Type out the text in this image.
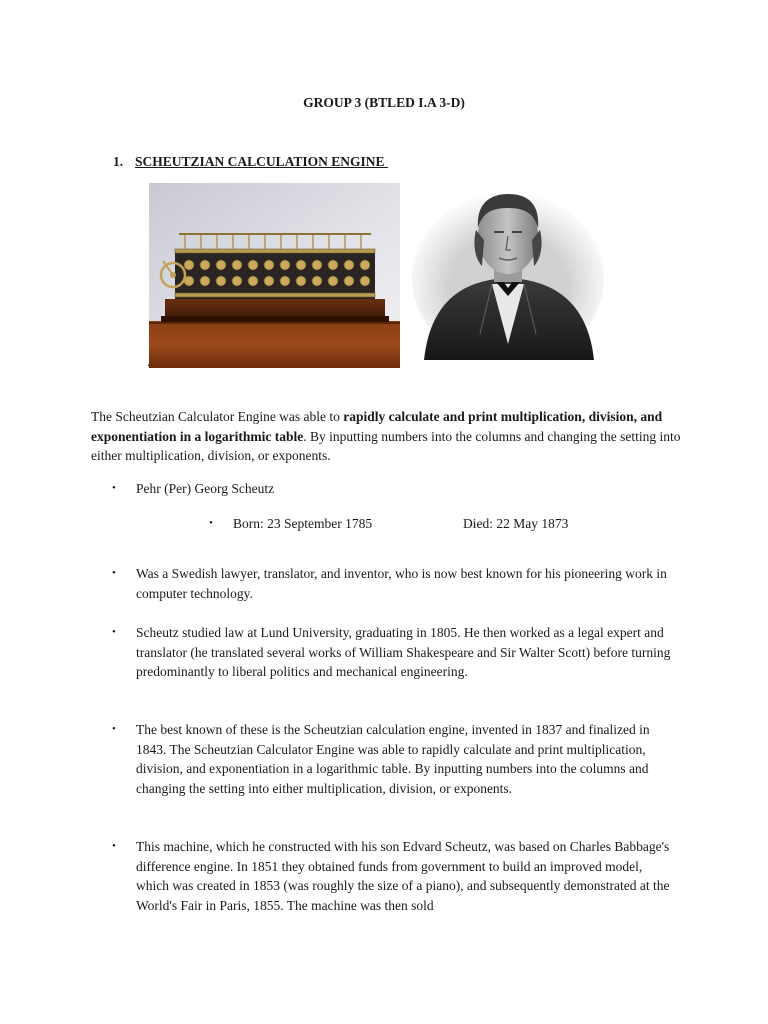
GROUP 3 (BTLED I.A 3-D)
1. SCHEUTZIAN CALCULATION ENGINE
.
The Scheutzian Calculator Engine was able to rapidly calculate and print multiplication, division, and exponentiation in a logarithmic table. By inputting numbers into the columns and changing the setting into either multiplication, division, or exponents.
• Pehr (Per) Georg Scheutz
• Born: 23 September 1785	Died: 22 May 1873
• Was a Swedish lawyer, translator, and inventor, who is now best known for his pioneering work in computer technology.
• Scheutz studied law at Lund University, graduating in 1805. He then worked as a legal expert and translator (he translated several works of William Shakespeare and Sir Walter Scott) before turning predominantly to liberal politics and mechanical engineering.
• The best known of these is the Scheutzian calculation engine, invented in 1837 and finalized in 1843. The Scheutzian Calculator Engine was able to rapidly calculate and print multiplication, division, and exponentiation in a logarithmic table. By inputting numbers into the columns and changing the setting into either multiplication, division, or exponents.
• This machine, which he constructed with his son Edvard Scheutz, was based on Charles Babbage's difference engine. In 1851 they obtained funds from government to build an improved model, which was created in 1853 (was roughly the size of a piano), and subsequently demonstrated at the World's Fair in Paris, 1855. The machine was then sold
